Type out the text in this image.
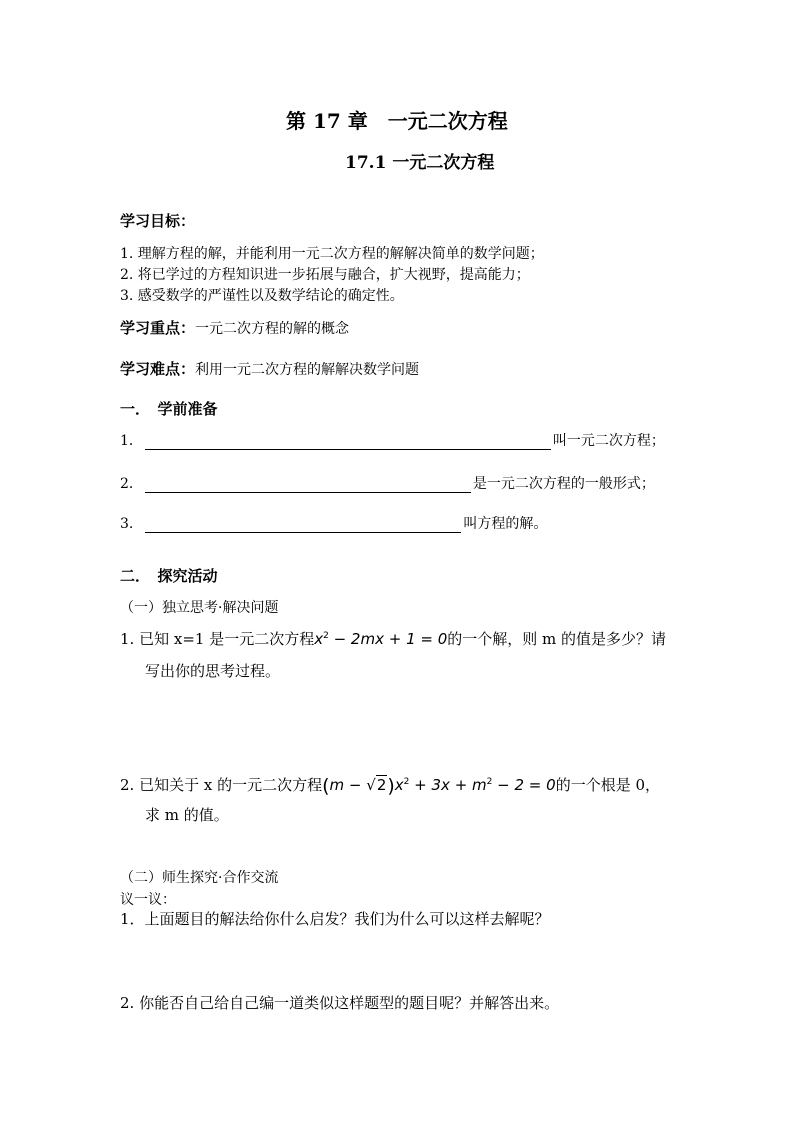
第 17 章　一元二次方程
17.1 一元二次方程
学习目标：
1. 理解方程的解，并能利用一元二次方程的解解决简单的数学问题；
2. 将已学过的方程知识进一步拓展与融合，扩大视野，提高能力；
3. 感受数学的严谨性以及数学结论的确定性。
学习重点：一元二次方程的解的概念
学习难点：利用一元二次方程的解解决数学问题
一．　学前准备
1．	叫一元二次方程；
2．	是一元二次方程的一般形式；
3.	叫方程的解。
二．　探究活动
（一）独立思考·解决问题
1. 已知 x=1 是一元二次方程$x^2 - 2mx + 1 = 0$的一个解，则 m 的值是多少？请
写出你的思考过程。
2. 已知关于 x 的一元二次方程$(m - √2)x^2 + 3x + m^2 - 2 = 0$的一个根是 0，
求 m 的值。
（二）师生探究·合作交流
议一议：
1．上面题目的解法给你什么启发？我们为什么可以这样去解呢？
2. 你能否自己给自己编一道类似这样题型的题目呢？并解答出来。
